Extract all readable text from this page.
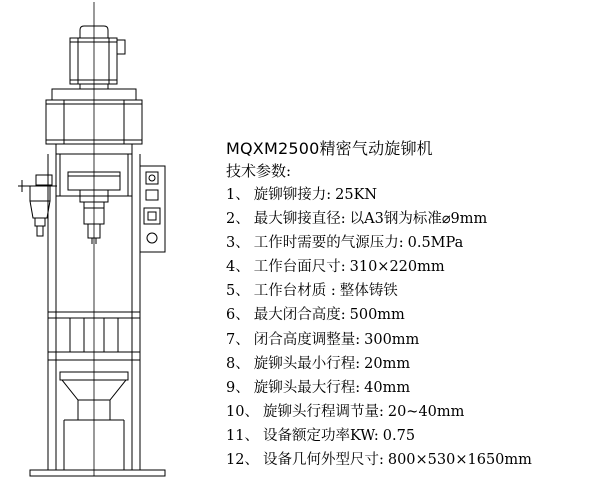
MQXM2500精密气动旋铆机
技术参数:
1、 旋铆铆接力: 25KN
2、 最大铆接直径: 以A3钢为标准⌀9mm
3、 工作时需要的气源压力: 0.5MPa
4、 工作台面尺寸: 310×220mm
5、 工作台材质 : 整体铸铁
6、 最大闭合高度: 500mm
7、 闭合高度调整量: 300mm
8、 旋铆头最小行程: 20mm
9、 旋铆头最大行程: 40mm
10、 旋铆头行程调节量: 20~40mm
11、 设备额定功率KW: 0.75
12、 设备几何外型尺寸: 800×530×1650mm
